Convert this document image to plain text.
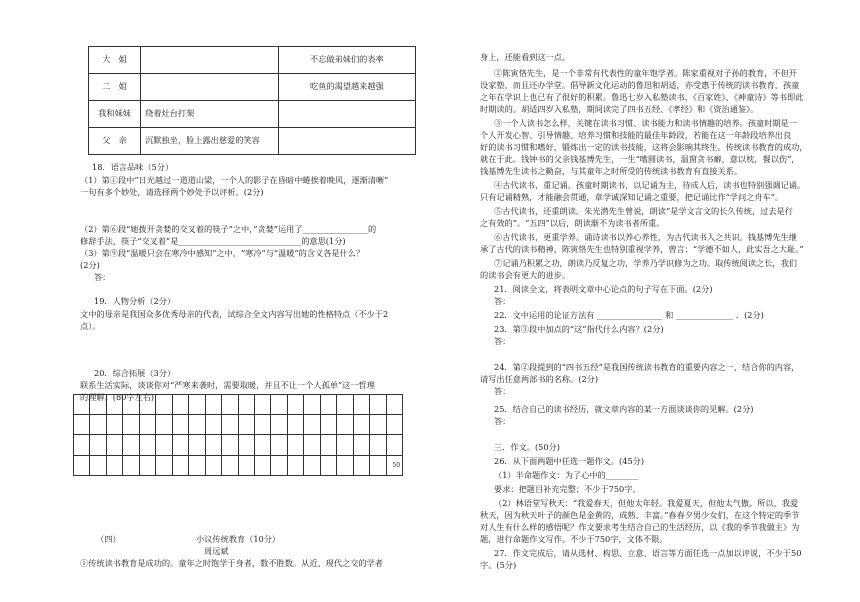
大　姐		不忘做弟妹们的表率
二　姐		吃鱼的渴望越来越强
我和妹妹	绕着灶台打架	
父　亲	沉默独坐，脸上露出慈爱的笑容	
18．语言品味（5分）
（1）第①段中“日光越过一道道山梁，一个人的影子在昏暗中蜷挨着晚风，逐渐清晰”
一句有多个妙处，请选择两个妙处予以评析。(2分)
（2）第⑥段“她拨开贪婪的交叉着的筷子”之中，”贪婪”运用了________________的
修辞手法，筷子“交叉着”是______________________________的意思(1分)
（3）第⑨段“温暖只会在寒冷中感知”之中，“寒冷”与“温暖”的含义各是什么？
(2分)
答：
19．人物分析（2分）
文中的母亲是我国众多优秀母亲的代表，试综合全文内容写出她的性格特点（不少于2
点）。
20．综合拓展（3分）
联系生活实际，谈谈你对“严寒来袭时，需要取暖，并且不让一个人孤单”这一哲理
的理解。(80字左右)
（四）	小议传统教育（10分）
周远斌
①传统读书教育是成功的。童年之时饱学于身者，数不胜数。从近、现代之交的学者
50
身上，还能看到这一点。
②陈寅恪先生，是一个非常有代表性的童年饱学者。陈家重视对子孙的教育，不但开
设家塾，而且还办学堂。倡导新文化运动的鲁迅和胡适，亦受惠于传统的读书教育，孩童
之年在学识上也已有了很好的积累。鲁迅七岁入私塾读书，《百家姓》、《神童诗》等书即此
时期读的。胡适四岁入私塾，期间读完了四书五经、《孝经》和《资治通鉴》。
③一个人读书怎么样，关键在读书习惯、读书能力和读书情趣的培养。孩童时期是一
个人开发心智、引导情趣、培养习惯和技能的最佳年龄段，若能在这一年龄段培养出良
好的读书习惯和嗜好，锻炼出一定的读书技能，这将会影响其终生。传统读书教育的成功，
就在于此。钱钟书的父亲钱基博先生，一生“嗜圆读书，温窗贪书癖，意以枕，餐以伤”，
钱基博先生读书之勤奋，与其童年之时所受的传统读书教育有直接关系。
④古代读书，重记诵。孩童时期读书，以记诵为主，待成人后，读书也特别强调记诵。
只有记诵精熟，才能融会贯通，章学诚深知记诵之重要，把记诵比作“学问之舟车”。
⑤古代读书，还重朗读。朱光潜先生曾说，朗读“是学文言文的长久传统，过去是行
之有效的”。“五四”以后，朗读渐不为读书者所重。
⑥古代读书，更重学养。诵诗读书以养心养性，为古代读书人之共识。钱基博先生继
承了古代的读书精神，陈寅恪先生也特别重视学养，曾言：“学德不如人，此实吾之大耻。”
⑦记诵乃积累之功，朗读乃反复之功，学养乃学识修为之功。取传统阅读之长，我们
的读书会有更大的进步。
21．阅读全文，将表明文章中心论点的句子写在下面。(2分)
答：
22．文中运用的论证方法有 ________________ 和 ______________ ．(2分)
23．第③段中加点的“这”指代什么内容？(2分)
答：
24．第②段提到的“四书五经”是我国传统读书教育的重要内容之一，结合你的内容，
请写出任意两部书的名称。(2分)
答：
25．结合自己的读书经历，就文章内容的某一方面谈谈你的见解。(2分)
答：
三．作文。(50分)
26．从下面两题中任选一题作文。(45分)
（1）半命题作文：为了心中的________
要求：把题目补充完整；不少于750字。
（2）林语堂写秋天：“我爱春天，但他太年轻。我爱夏天，但他太气傲。所以，我爱
秋天，因为秋天叶子的颜色是金黄的，成熟、丰富。”春春夕男少女们，在这个特定的季节
对人生有什么样的感悟呢？作文要求考生结合自己的生活经历，以《我的季节我做主》为
题，进行命题作文写作。不少于750字，文体不限。
27．作文完成后，请从选材、构思、立意、语言等方面任选一点加以评说，不少于50
字。(5分)
